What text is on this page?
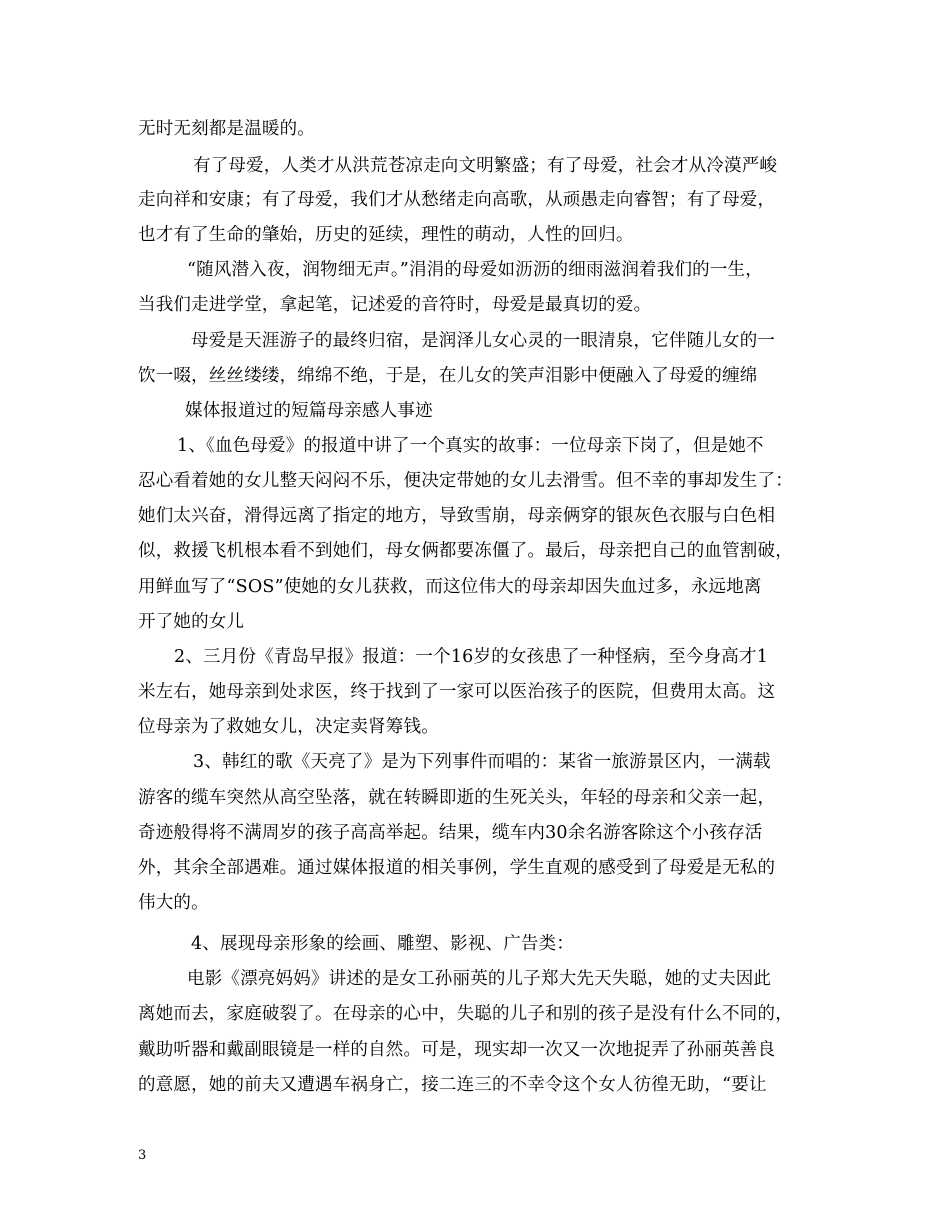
无时无刻都是温暖的。
有了母爱，人类才从洪荒苍凉走向文明繁盛；有了母爱，社会才从冷漠严峻
走向祥和安康；有了母爱，我们才从愁绪走向高歌，从顽愚走向睿智；有了母爱，
也才有了生命的肇始，历史的延续，理性的萌动，人性的回归。
“随风潜入夜，润物细无声。”涓涓的母爱如沥沥的细雨滋润着我们的一生，
当我们走进学堂，拿起笔，记述爱的音符时，母爱是最真切的爱。
母爱是天涯游子的最终归宿，是润泽儿女心灵的一眼清泉，它伴随儿女的一
饮一啜，丝丝缕缕，绵绵不绝，于是，在儿女的笑声泪影中便融入了母爱的缠绵
媒体报道过的短篇母亲感人事迹
1、《血色母爱》的报道中讲了一个真实的故事：一位母亲下岗了，但是她不
忍心看着她的女儿整天闷闷不乐，便决定带她的女儿去滑雪。但不幸的事却发生了：
她们太兴奋，滑得远离了指定的地方，导致雪崩，母亲俩穿的银灰色衣服与白色相
似，救援飞机根本看不到她们，母女俩都要冻僵了。最后，母亲把自己的血管割破，
用鲜血写了“SOS”使她的女儿获救，而这位伟大的母亲却因失血过多，永远地离
开了她的女儿
2、三月份《青岛早报》报道：一个16岁的女孩患了一种怪病，至今身高才1
米左右，她母亲到处求医，终于找到了一家可以医治孩子的医院，但费用太高。这
位母亲为了救她女儿，决定卖肾筹钱。
3、韩红的歌《天亮了》是为下列事件而唱的：某省一旅游景区内，一满载
游客的缆车突然从高空坠落，就在转瞬即逝的生死关头，年轻的母亲和父亲一起，
奇迹般得将不满周岁的孩子高高举起。结果，缆车内30余名游客除这个小孩存活
外，其余全部遇难。通过媒体报道的相关事例，学生直观的感受到了母爱是无私的
伟大的。
4、展现母亲形象的绘画、雕塑、影视、广告类：
电影《漂亮妈妈》讲述的是女工孙丽英的儿子郑大先天失聪，她的丈夫因此
离她而去，家庭破裂了。在母亲的心中，失聪的儿子和别的孩子是没有什么不同的，
戴助听器和戴副眼镜是一样的自然。可是，现实却一次又一次地捉弄了孙丽英善良
的意愿，她的前夫又遭遇车祸身亡，接二连三的不幸令这个女人彷徨无助，“要让
3
